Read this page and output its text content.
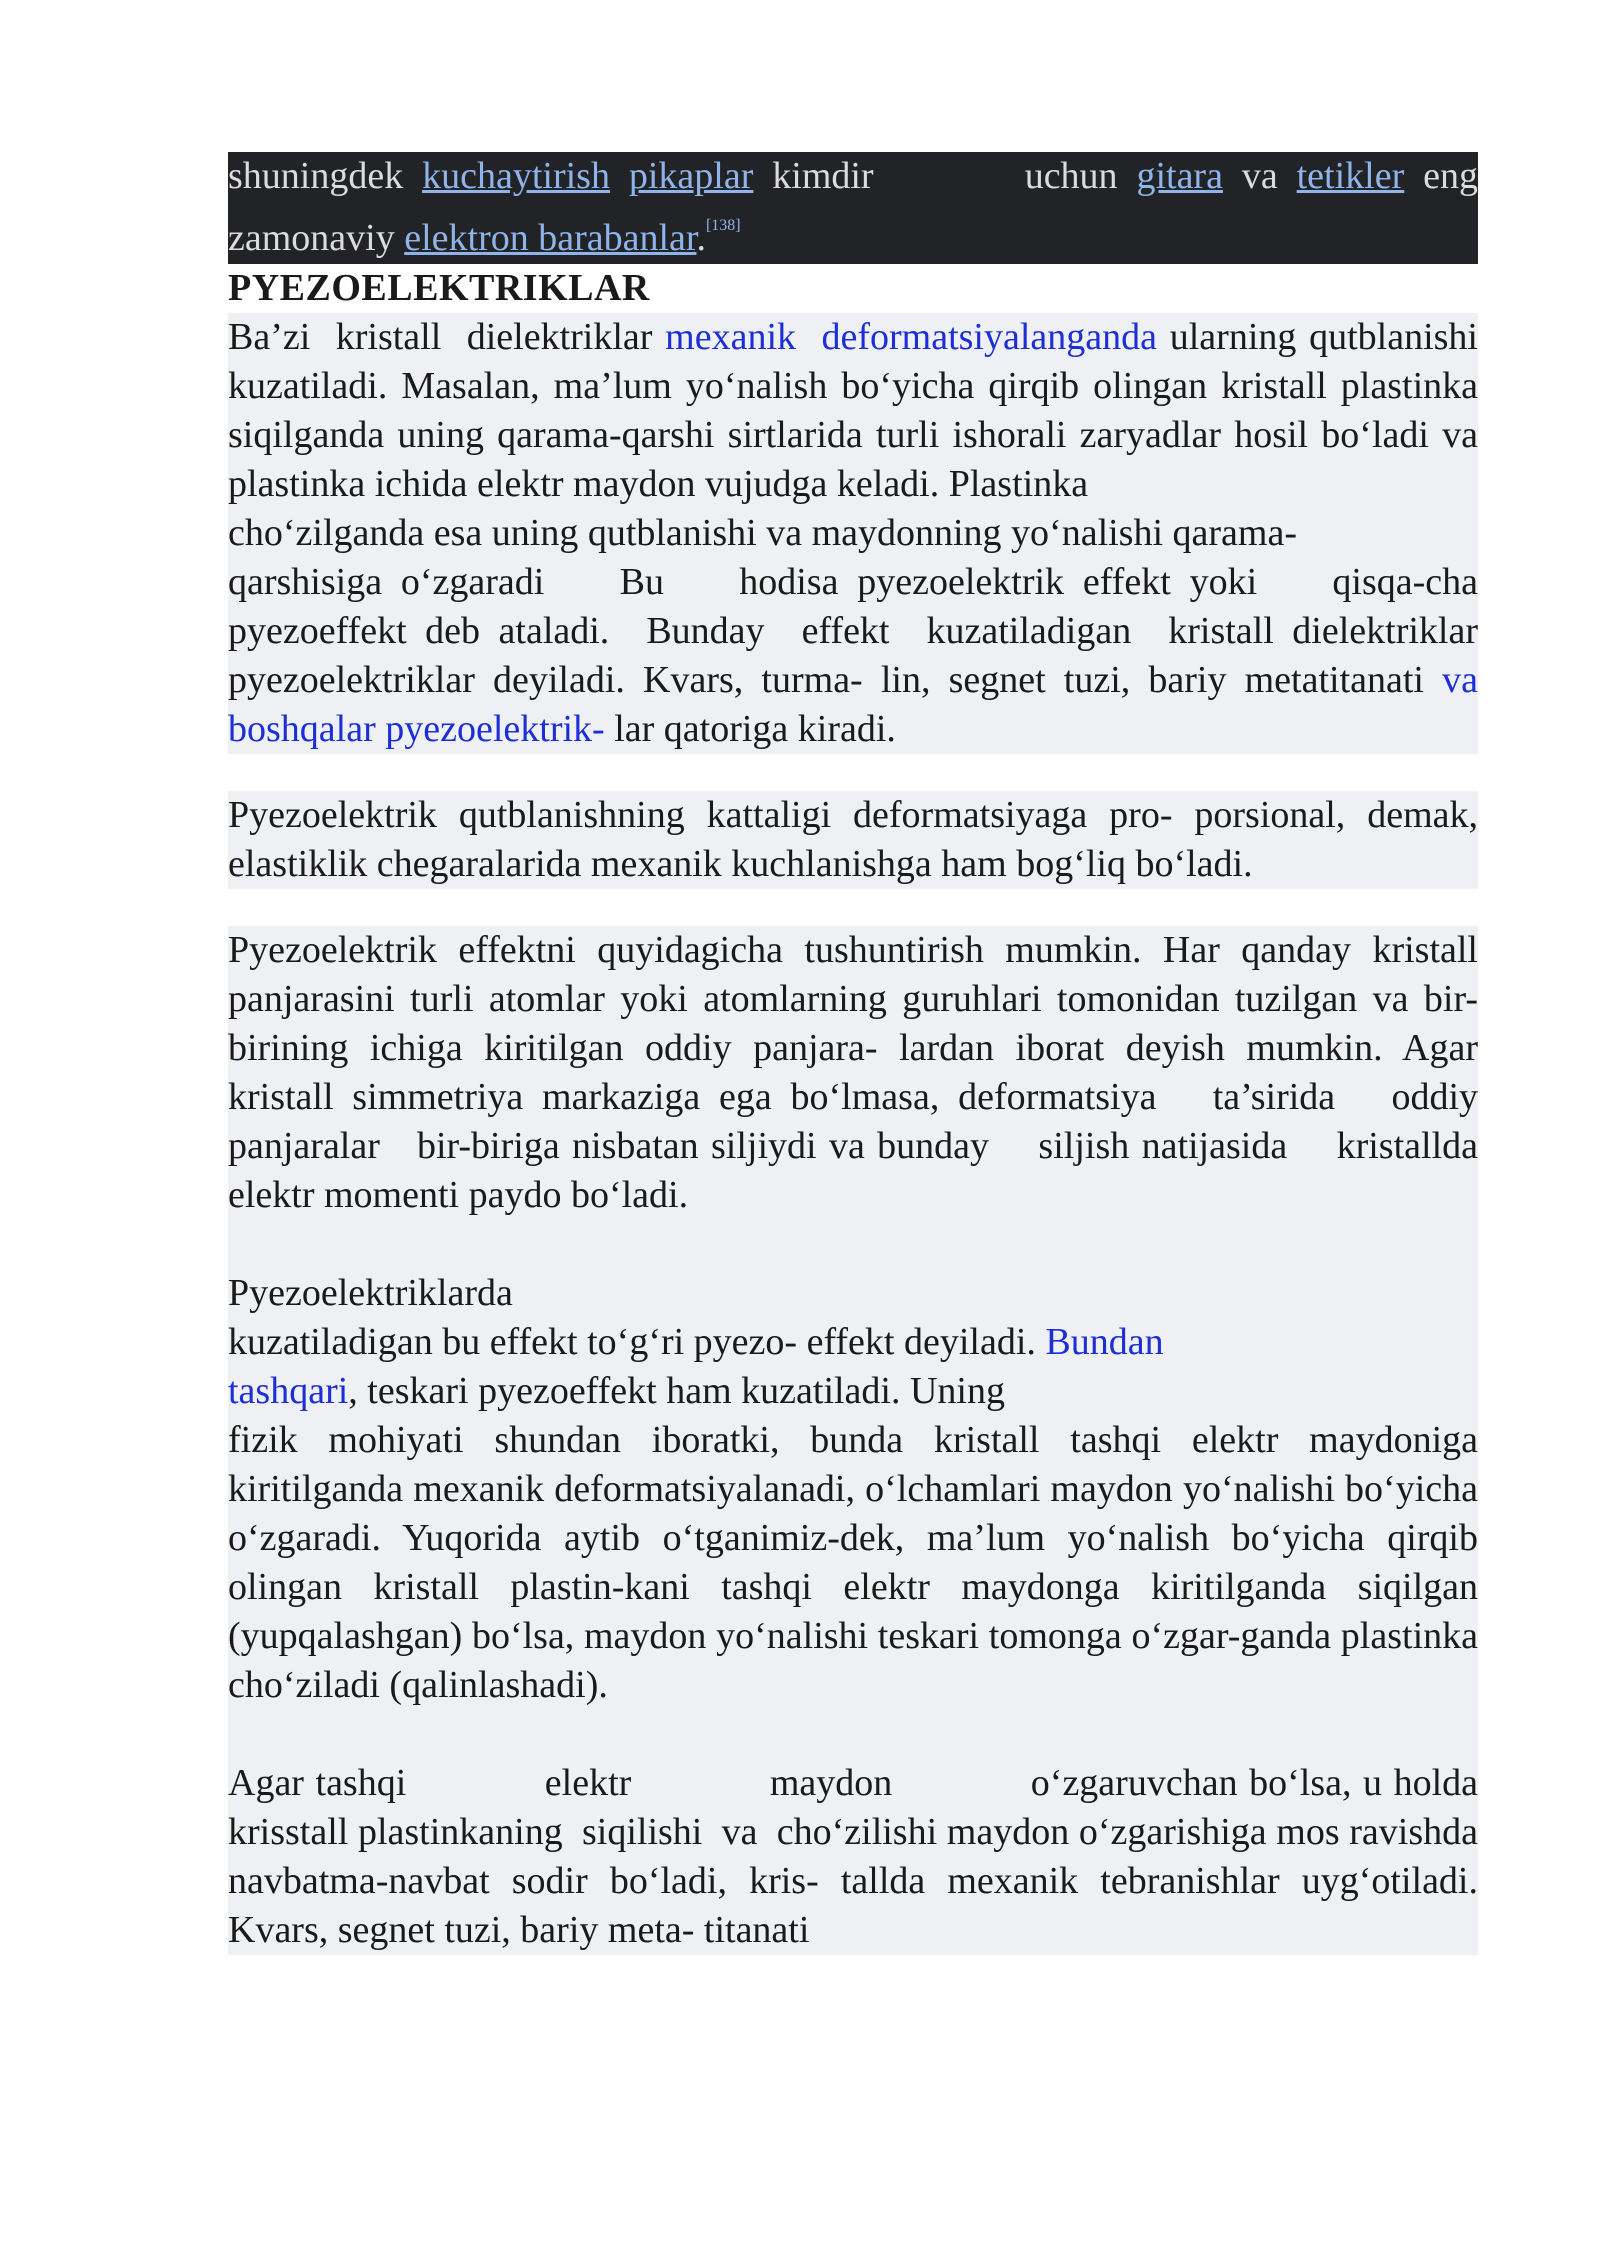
shuningdek kuchaytirish pikaplar kimdir        uchun gitara va tetikler eng zamonaviy elektron barabanlar.[138]
PYEZOELEKTRIKLAR
Ba’zi  kristall  dielektriklar mexanik  deformatsiyalanganda ularning qutblanishi kuzatiladi. Masalan, ma’lum yo‘nalish bo‘yicha qirqib olingan kristall plastinka siqilganda uning qarama-qarshi sirtlarida turli ishorali zaryadlar hosil bo‘ladi va plastinka ichida elektr maydon vujudga keladi. Plastinka
cho‘zilganda esa uning qutblanishi va maydonning yo‘nalishi qarama-
qarshisiga o‘zgaradi    Bu    hodisa pyezoelektrik effekt yoki    qisqa-cha pyezoeffekt deb ataladi.  Bunday  effekt  kuzatiladigan  kristall dielektriklar pyezoelektriklar deyiladi. Kvars, turma- lin, segnet tuzi, bariy metatitanati va boshqalar pyezoelektrik- lar qatoriga kiradi.
Pyezoelektrik qutblanishning kattaligi deformatsiyaga pro- porsional, demak, elastiklik chegaralarida mexanik kuchlanishga ham bog‘liq bo‘ladi.
Pyezoelektrik effektni quyidagicha tushuntirish mumkin. Har qanday kristall panjarasini turli atomlar yoki atomlarning guruhlari tomonidan tuzilgan va bir-birining ichiga kiritilgan oddiy panjara- lardan iborat deyish mumkin. Agar kristall simmetriya markaziga ega bo‘lmasa, deformatsiya   ta’sirida   oddiy   panjaralar   bir-biriga nisbatan siljiydi va bunday    siljish natijasida    kristallda elektr momenti paydo bo‘ladi.
Pyezoelektriklarda
kuzatiladigan bu effekt to‘g‘ri pyezo- effekt deyiladi. Bundan
tashqari, teskari pyezoeffekt ham kuzatiladi. Uning
fizik mohiyati shundan iboratki, bunda kristall tashqi elektr maydoniga kiritilganda mexanik deformatsiyalanadi, o‘lchamlari maydon yo‘nalishi bo‘yicha o‘zgaradi. Yuqorida aytib o‘tganimiz-dek, ma’lum yo‘nalish bo‘yicha qirqib olingan kristall plastin-kani tashqi elektr maydonga kiritilganda siqilgan (yupqalashgan) bo‘lsa, maydon yo‘nalishi teskari tomonga o‘zgar-ganda plastinka cho‘ziladi (qalinlashadi).
Agar tashqi            elektr            maydon            o‘zgaruvchan bo‘lsa, u holda krisstall plastinkaning  siqilishi  va  cho‘zilishi maydon o‘zgarishiga mos ravishda navbatma-navbat sodir bo‘ladi, kris- tallda mexanik tebranishlar uyg‘otiladi. Kvars, segnet tuzi, bariy meta- titanati
